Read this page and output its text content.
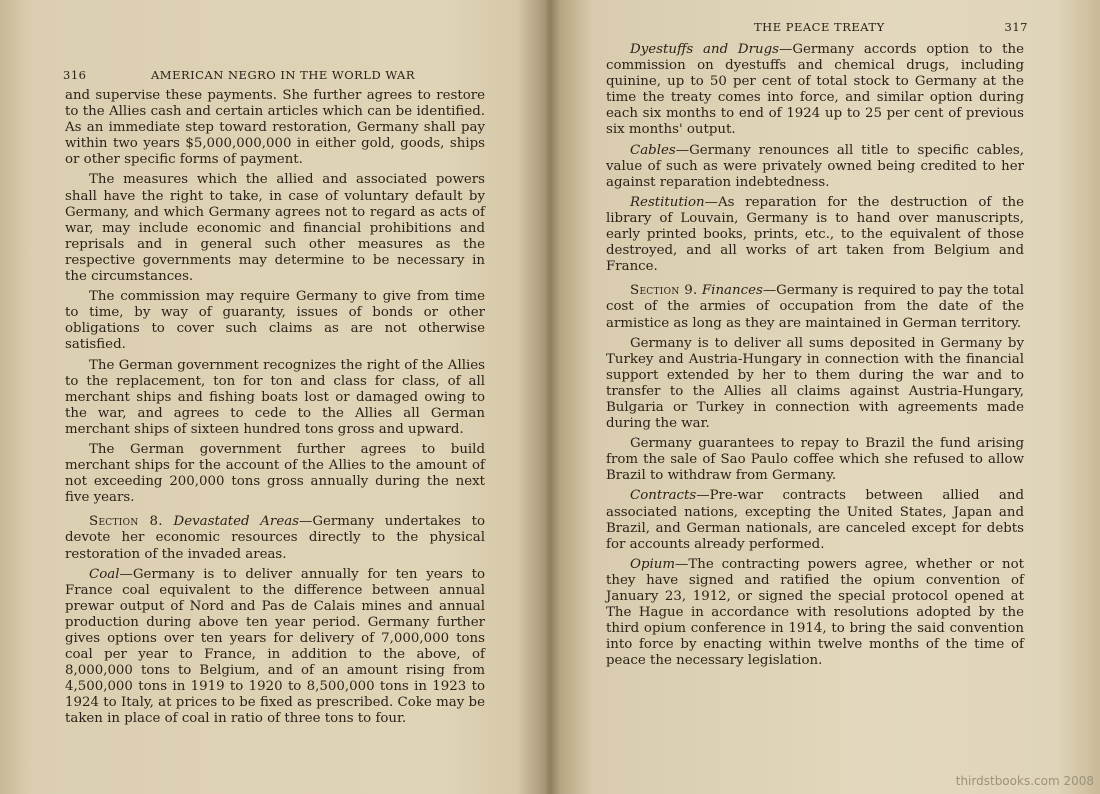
316	AMERICAN NEGRO IN THE WORLD WAR

and supervise these payments. She further agrees to restore to the Allies cash and certain articles which can be identified. As an immediate step toward restoration, Germany shall pay within two years $5,000,000,000 in either gold, goods, ships or other specific forms of payment.

The measures which the allied and associated powers shall have the right to take, in case of voluntary default by Germany, and which Germany agrees not to regard as acts of war, may include economic and financial prohibitions and reprisals and in general such other measures as the respective governments may determine to be necessary in the circumstances.

The commission may require Germany to give from time to time, by way of guaranty, issues of bonds or other obligations to cover such claims as are not otherwise satisfied.

The German government recognizes the right of the Allies to the replacement, ton for ton and class for class, of all merchant ships and fishing boats lost or damaged owing to the war, and agrees to cede to the Allies all German merchant ships of sixteen hundred tons gross and upward.

The German government further agrees to build merchant ships for the account of the Allies to the amount of not exceeding 200,000 tons gross annually during the next five years.

Section 8. Devastated Areas—Germany undertakes to devote her economic resources directly to the physical restoration of the invaded areas.

Coal—Germany is to deliver annually for ten years to France coal equivalent to the difference between annual prewar output of Nord and Pas de Calais mines and annual production during above ten year period. Germany further gives options over ten years for delivery of 7,000,000 tons coal per year to France, in addition to the above, of 8,000,000 tons to Belgium, and of an amount rising from 4,500,000 tons in 1919 to 1920 to 8,500,000 tons in 1923 to 1924 to Italy, at prices to be fixed as prescribed. Coke may be taken in place of coal in ratio of three tons to four.

THE PEACE TREATY	317

Dyestuffs and Drugs—Germany accords option to the commission on dyestuffs and chemical drugs, including quinine, up to 50 per cent of total stock to Germany at the time the treaty comes into force, and similar option during each six months to end of 1924 up to 25 per cent of previous six months' output.

Cables—Germany renounces all title to specific cables, value of such as were privately owned being credited to her against reparation indebtedness.

Restitution—As reparation for the destruction of the library of Louvain, Germany is to hand over manuscripts, early printed books, prints, etc., to the equivalent of those destroyed, and all works of art taken from Belgium and France.

Section 9. Finances—Germany is required to pay the total cost of the armies of occupation from the date of the armistice as long as they are maintained in German territory.

Germany is to deliver all sums deposited in Germany by Turkey and Austria-Hungary in connection with the financial support extended by her to them during the war and to transfer to the Allies all claims against Austria-Hungary, Bulgaria or Turkey in connection with agreements made during the war.

Germany guarantees to repay to Brazil the fund arising from the sale of Sao Paulo coffee which she refused to allow Brazil to withdraw from Germany.

Contracts—Pre-war contracts between allied and associated nations, excepting the United States, Japan and Brazil, and German nationals, are canceled except for debts for accounts already performed.

Opium—The contracting powers agree, whether or not they have signed and ratified the opium convention of January 23, 1912, or signed the special protocol opened at The Hague in accordance with resolutions adopted by the third opium conference in 1914, to bring the said convention into force by enacting within twelve months of the time of peace the necessary legislation.

thirdstbooks.com 2008
